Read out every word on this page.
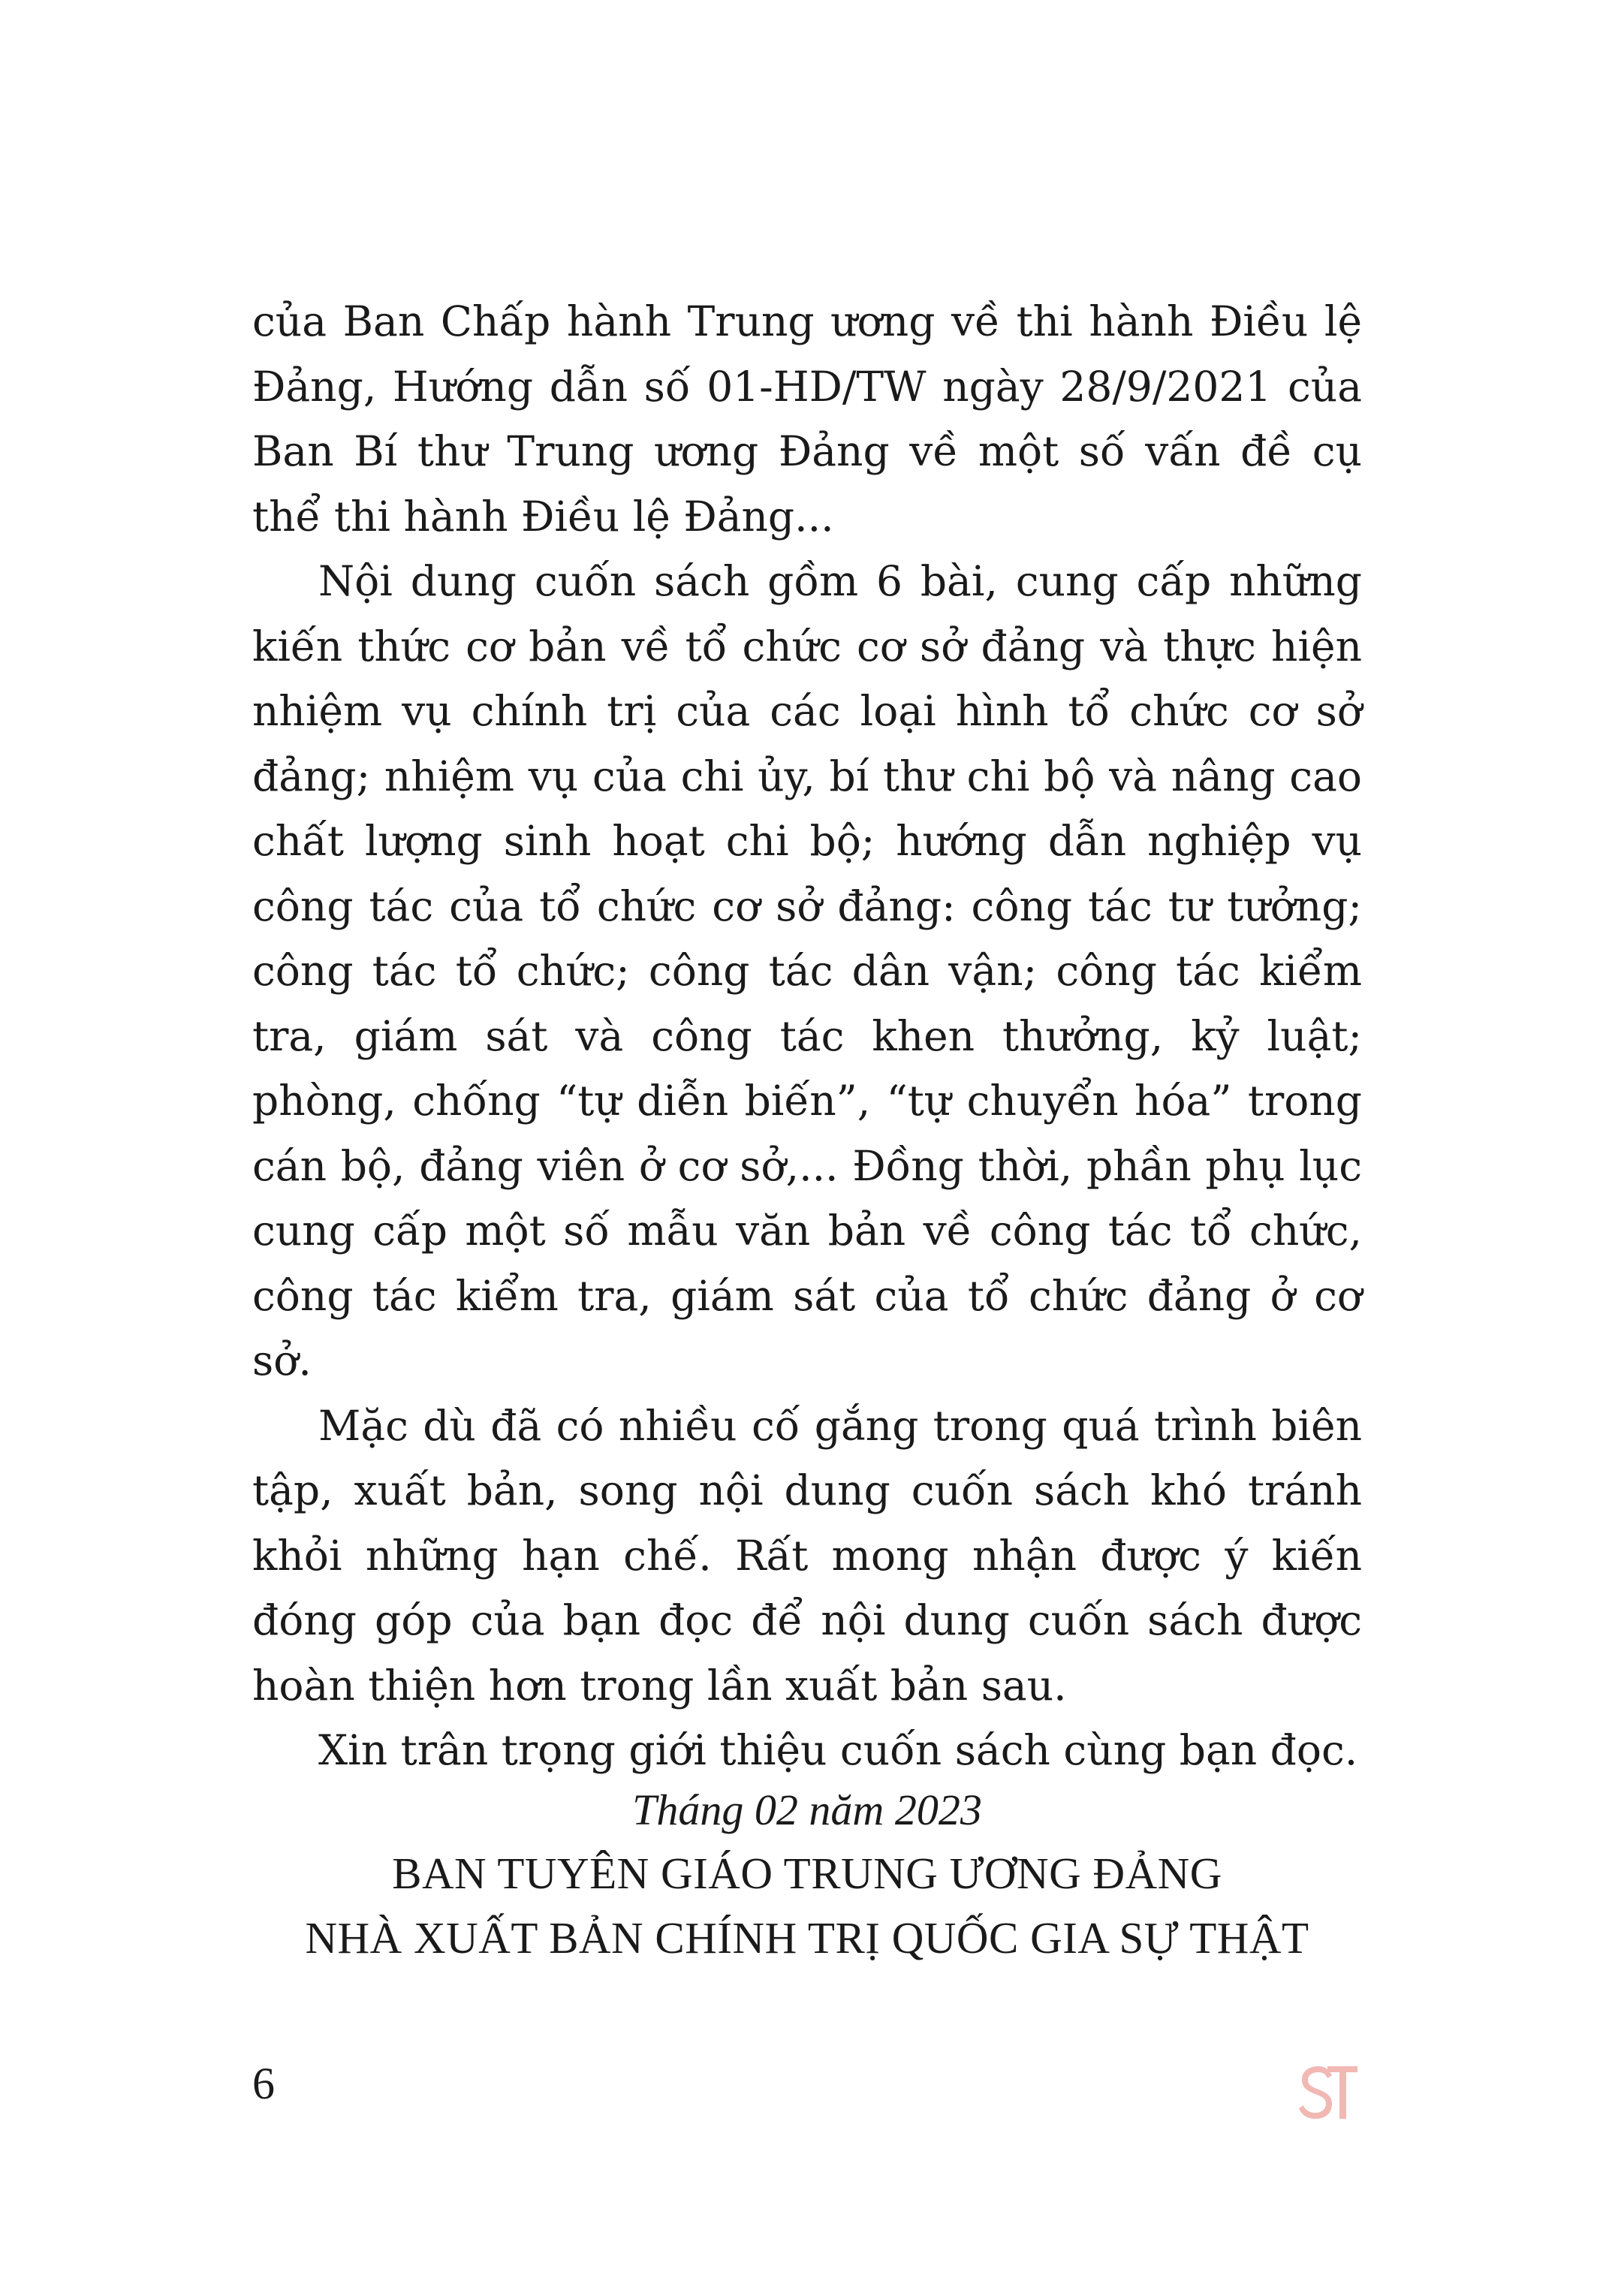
của Ban Chấp hành Trung ương về thi hành Điều lệ Đảng, Hướng dẫn số 01-HD/TW ngày 28/9/2021 của Ban Bí thư Trung ương Đảng về một số vấn đề cụ thể thi hành Điều lệ Đảng...

Nội dung cuốn sách gồm 6 bài, cung cấp những kiến thức cơ bản về tổ chức cơ sở đảng và thực hiện nhiệm vụ chính trị của các loại hình tổ chức cơ sở đảng; nhiệm vụ của chi ủy, bí thư chi bộ và nâng cao chất lượng sinh hoạt chi bộ; hướng dẫn nghiệp vụ công tác của tổ chức cơ sở đảng: công tác tư tưởng; công tác tổ chức; công tác dân vận; công tác kiểm tra, giám sát và công tác khen thưởng, kỷ luật; phòng, chống “tự diễn biến”, “tự chuyển hóa” trong cán bộ, đảng viên ở cơ sở,... Đồng thời, phần phụ lục cung cấp một số mẫu văn bản về công tác tổ chức, công tác kiểm tra, giám sát của tổ chức đảng ở cơ sở.

Mặc dù đã có nhiều cố gắng trong quá trình biên tập, xuất bản, song nội dung cuốn sách khó tránh khỏi những hạn chế. Rất mong nhận được ý kiến đóng góp của bạn đọc để nội dung cuốn sách được hoàn thiện hơn trong lần xuất bản sau.

Xin trân trọng giới thiệu cuốn sách cùng bạn đọc.

Tháng 02 năm 2023
BAN TUYÊN GIÁO TRUNG ƯƠNG ĐẢNG
NHÀ XUẤT BẢN CHÍNH TRỊ QUỐC GIA SỰ THẬT
6
